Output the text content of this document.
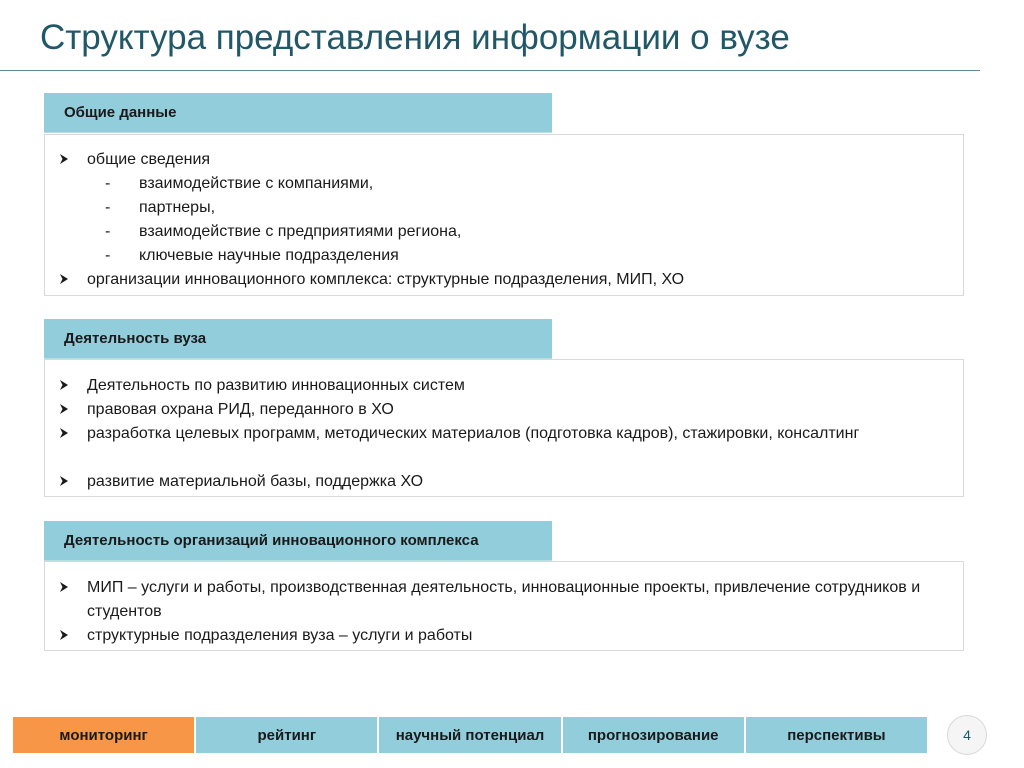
Структура представления информации о вузе
Общие данные
общие сведения
- взаимодействие с компаниями,
- партнеры,
- взаимодействие с предприятиями региона,
- ключевые научные подразделения
организации инновационного комплекса: структурные подразделения, МИП, ХО
Деятельность вуза
Деятельность по развитию инновационных систем
правовая охрана РИД, переданного в ХО
разработка целевых программ, методических материалов (подготовка кадров), стажировки, консалтинг
развитие материальной базы, поддержка ХО
Деятельность организаций инновационного комплекса
МИП – услуги и работы, производственная деятельность, инновационные проекты, привлечение сотрудников и студентов
структурные подразделения вуза – услуги и работы
мониторинг	рейтинг	научный потенциал	прогнозирование	перспективы	4
